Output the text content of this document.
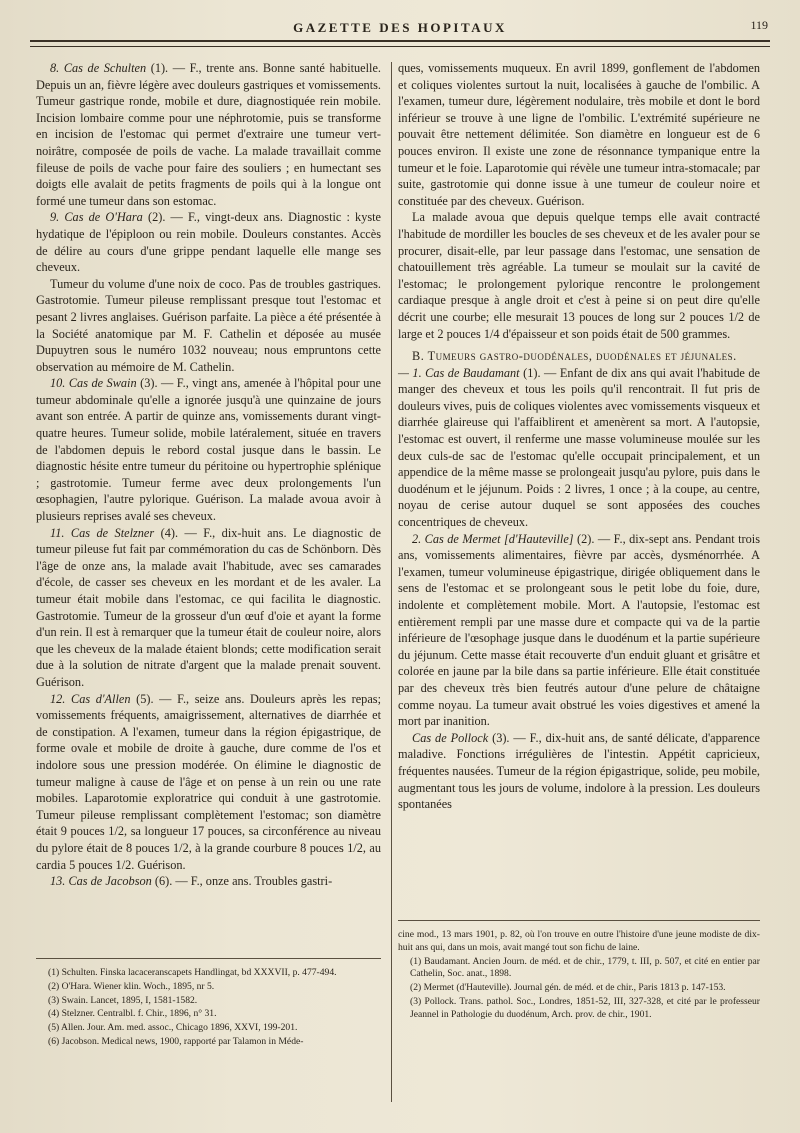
GAZETTE DES HOPITAUX	119

8. Cas de Schulten (1). — F., trente ans. Bonne santé habituelle. Depuis un an, fièvre légère avec douleurs gastriques et vomissements. Tumeur gastrique ronde, mobile et dure, diagnostiquée rein mobile. Incision lombaire comme pour une néphrotomie, puis se transforme en incision de l'estomac qui permet d'extraire une tumeur vert-noirâtre, composée de poils de vache. La malade travaillait comme fileuse de poils de vache pour faire des souliers ; en humectant ses doigts elle avalait de petits fragments de poils qui à la longue ont formé une tumeur dans son estomac.

9. Cas de O'Hara (2). — F., vingt-deux ans. Diagnostic : kyste hydatique de l'épiploon ou rein mobile. Douleurs constantes. Accès de délire au cours d'une grippe pendant laquelle elle mange ses cheveux.

Tumeur du volume d'une noix de coco. Pas de troubles gastriques. Gastrotomie. Tumeur pileuse remplissant presque tout l'estomac et pesant 2 livres anglaises. Guérison parfaite. La pièce a été présentée à la Société anatomique par M. F. Cathelin et déposée au musée Dupuytren sous le numéro 1032 nouveau; nous empruntons cette observation au mémoire de M. Cathelin.

10. Cas de Swain (3). — F., vingt ans, amenée à l'hôpital pour une tumeur abdominale qu'elle a ignorée jusqu'à une quinzaine de jours avant son entrée. A partir de quinze ans, vomissements durant vingt-quatre heures. Tumeur solide, mobile latéralement, située en travers de l'abdomen depuis le rebord costal jusque dans le bassin. Le diagnostic hésite entre tumeur du péritoine ou hypertrophie splénique ; gastrotomie. Tumeur ferme avec deux prolongements l'un œsophagien, l'autre pylorique. Guérison. La malade avoua avoir à plusieurs reprises avalé ses cheveux.

11. Cas de Stelzner (4). — F., dix-huit ans. Le diagnostic de tumeur pileuse fut fait par commémoration du cas de Schönborn. Dès l'âge de onze ans, la malade avait l'habitude, avec ses camarades d'école, de casser ses cheveux en les mordant et de les avaler. La tumeur était mobile dans l'estomac, ce qui facilita le diagnostic. Gastrotomie. Tumeur de la grosseur d'un œuf d'oie et ayant la forme d'un rein. Il est à remarquer que la tumeur était de couleur noire, alors que les cheveux de la malade étaient blonds; cette modification serait due à la solution de nitrate d'argent que la malade prenait souvent. Guérison.

12. Cas d'Allen (5). — F., seize ans. Douleurs après les repas; vomissements fréquents, amaigrissement, alternatives de diarrhée et de constipation. A l'examen, tumeur dans la région épigastrique, de forme ovale et mobile de droite à gauche, dure comme de l'os et indolore sous une pression modérée. On élimine le diagnostic de tumeur maligne à cause de l'âge et on pense à un rein ou une rate mobiles. Laparotomie exploratrice qui conduit à une gastrotomie. Tumeur pileuse remplissant complètement l'estomac; son diamètre était 9 pouces 1/2, sa longueur 17 pouces, sa circonférence au niveau du pylore était de 8 pouces 1/2, à la grande courbure 8 pouces 1/2, au cardia 5 pouces 1/2. Guérison.

13. Cas de Jacobson (6). — F., onze ans. Troubles gastri-

(1) Schulten. Finska lacaceranscapets Handlingat, bd XXXVII, p. 477-494.

(2) O'Hara. Wiener klin. Woch., 1895, nr 5.

(3) Swain. Lancet, 1895, I, 1581-1582.

(4) Stelzner. Centralbl. f. Chir., 1896, n° 31.

(5) Allen. Jour. Am. med. assoc., Chicago 1896, XXVI, 199-201.

(6) Jacobson. Medical news, 1900, rapporté par Talamon in Méde-

ques, vomissements muqueux. En avril 1899, gonflement de l'abdomen et coliques violentes surtout la nuit, localisées à gauche de l'ombilic. A l'examen, tumeur dure, légèrement nodulaire, très mobile et dont le bord inférieur se trouve à une ligne de l'ombilic. L'extrémité supérieure ne pouvait être nettement délimitée. Son diamètre en longueur est de 6 pouces environ. Il existe une zone de résonnance tympanique entre la tumeur et le foie. Laparotomie qui révèle une tumeur intra-stomacale; par suite, gastrotomie qui donne issue à une tumeur de couleur noire et constituée par des cheveux. Guérison.

La malade avoua que depuis quelque temps elle avait contracté l'habitude de mordiller les boucles de ses cheveux et de les avaler pour se procurer, disait-elle, par leur passage dans l'estomac, une sensation de chatouillement très agréable. La tumeur se moulait sur la cavité de l'estomac; le prolongement pylorique rencontre le prolongement cardiaque presque à angle droit et c'est à peine si on peut dire qu'elle décrit une courbe; elle mesurait 13 pouces de long sur 2 pouces 1/2 de large et 2 pouces 1/4 d'épaisseur et son poids était de 500 grammes.

B. Tumeurs gastro-duodénales, duodénales et jéjunales.

— 1. Cas de Baudamant (1). — Enfant de dix ans qui avait l'habitude de manger des cheveux et tous les poils qu'il rencontrait. Il fut pris de douleurs vives, puis de coliques violentes avec vomissements visqueux et diarrhée glaireuse qui l'affaiblirent et amenèrent sa mort. A l'autopsie, l'estomac est ouvert, il renferme une masse volumineuse moulée sur les deux culs-de sac de l'estomac qu'elle occupait principalement, et un appendice de la même masse se prolongeait jusqu'au pylore, puis dans le duodénum et le jéjunum. Poids : 2 livres, 1 once ; à la coupe, au centre, noyau de cerise autour duquel se sont apposées des couches concentriques de cheveux.

2. Cas de Mermet [d'Hauteville] (2). — F., dix-sept ans. Pendant trois ans, vomissements alimentaires, fièvre par accès, dysménorrhée. A l'examen, tumeur volumineuse épigastrique, dirigée obliquement dans le sens de l'estomac et se prolongeant sous le petit lobe du foie, dure, indolente et complètement mobile. Mort. A l'autopsie, l'estomac est entièrement rempli par une masse dure et compacte qui va de la partie inférieure de l'œsophage jusque dans le duodénum et la partie supérieure du jéjunum. Cette masse était recouverte d'un enduit gluant et grisâtre et colorée en jaune par la bile dans sa partie inférieure. Elle était constituée par des cheveux très bien feutrés autour d'une pelure de châtaigne comme noyau. La tumeur avait obstrué les voies digestives et amené la mort par inanition.

Cas de Pollock (3). — F., dix-huit ans, de santé délicate, d'apparence maladive. Fonctions irrégulières de l'intestin. Appétit capricieux, fréquentes nausées. Tumeur de la région épigastrique, solide, peu mobile, augmentant tous les jours de volume, indolore à la pression. Les douleurs spontanées

cine mod., 13 mars 1901, p. 82, où l'on trouve en outre l'histoire d'une jeune modiste de dix-huit ans qui, dans un mois, avait mangé tout son fichu de laine.

(1) Baudamant. Ancien Journ. de méd. et de chir., 1779, t. III, p. 507, et cité en entier par Cathelin, Soc. anat., 1898.

(2) Mermet (d'Hauteville). Journal gén. de méd. et de chir., Paris 1813 p. 147-153.

(3) Pollock. Trans. pathol. Soc., Londres, 1851-52, III, 327-328, et cité par le professeur Jeannel in Pathologie du duodénum, Arch. prov. de chir., 1901.
